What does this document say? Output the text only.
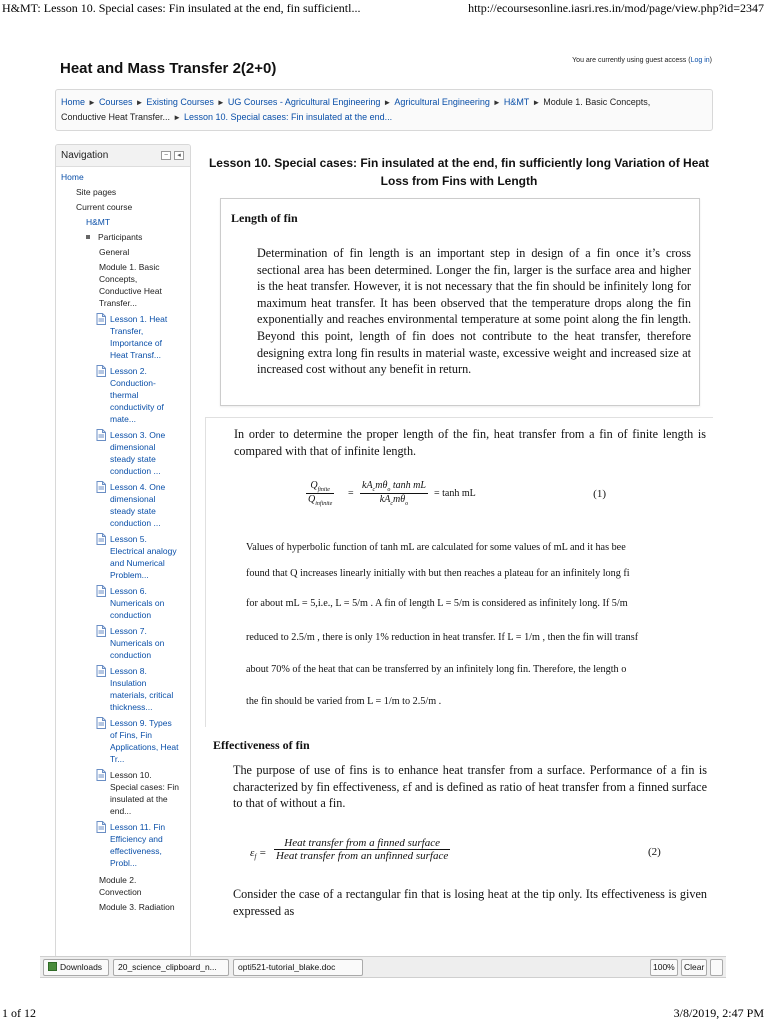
H&MT: Lesson 10. Special cases: Fin insulated at the end, fin sufficientl...	http://ecoursesonline.iasri.res.in/mod/page/view.php?id=2347
Heat and Mass Transfer 2(2+0)	You are currently using guest access (Log in)
Home ► Courses ► Existing Courses ► UG Courses - Agricultural Engineering ► Agricultural Engineering ► H&MT ► Module 1. Basic Concepts,
Conductive Heat Transfer... ► Lesson 10. Special cases: Fin insulated at the end...
Navigation	−	◂
Home
Site pages
Current course
H&MT
Participants
General
Module 1. Basic Concepts, Conductive Heat Transfer...
Lesson 1. Heat Transfer, Importance of Heat Transf...
Lesson 2. Conduction-thermal conductivity of mate...
Lesson 3. One dimensional steady state conduction ...
Lesson 4. One dimensional steady state conduction ...
Lesson 5. Electrical analogy and Numerical Problem...
Lesson 6. Numericals on conduction
Lesson 7. Numericals on conduction
Lesson 8. Insulation materials, critical thickness...
Lesson 9. Types of Fins, Fin Applications, Heat Tr...
Lesson 10. Special cases: Fin insulated at the end...
Lesson 11. Fin Efficiency and effectiveness, Probl...
Module 2. Convection
Module 3. Radiation
Lesson 10. Special cases: Fin insulated at the end, fin sufficiently long Variation of Heat Loss from Fins with Length
Length of fin
Determination of fin length is an important step in design of a fin once it’s cross sectional area has been determined. Longer the fin, larger is the surface area and higher is the heat transfer. However, it is not necessary that the fin should be infinitely long for maximum heat transfer. It has been observed that the temperature drops along the fin exponentially and reaches environmental temperature at some point along the fin length. Beyond this point, length of fin does not contribute to the heat transfer, therefore designing extra long fin results in material waste, excessive weight and increased size at increased cost without any benefit in return.
In order to determine the proper length of the fin, heat transfer from a fin of finite length is compared with that of infinite length.
$Q_{finite}$
$Q_{infinite}$
=
$kA_cm\theta_o$ tanh mL
$kA_cm\theta_o$
= tanh mL	(1)
Values of hyperbolic function of tanh mL are calculated for some values of mL and it has bee
found that Q increases linearly initially with but then reaches a plateau for an infinitely long fi
for about mL = 5,i.e., L = 5/m . A fin of length L = 5/m is considered as infinitely long. If 5/m
reduced to 2.5/m , there is only 1% reduction in heat transfer. If L = 1/m , then the fin will transf
about 70% of the heat that can be transferred by an infinitely long fin. Therefore, the length o
the fin should be varied from L = 1/m to 2.5/m .
Effectiveness of fin
The purpose of use of fins is to enhance heat transfer from a surface. Performance of a fin is characterized by fin effectiveness, εf and is defined as ratio of heat transfer from a finned surface to that of without a fin.
$\varepsilon_f$ =
Heat transfer from a finned surface
Heat transfer from an unfinned surface	(2)
Consider the case of a rectangular fin that is losing heat at the tip only. Its effectiveness is given expressed as
Downloads	20_science_clipboard_n...	opti521-tutorial_blake.doc	100%	Clear
1 of 12	3/8/2019, 2:47 PM
